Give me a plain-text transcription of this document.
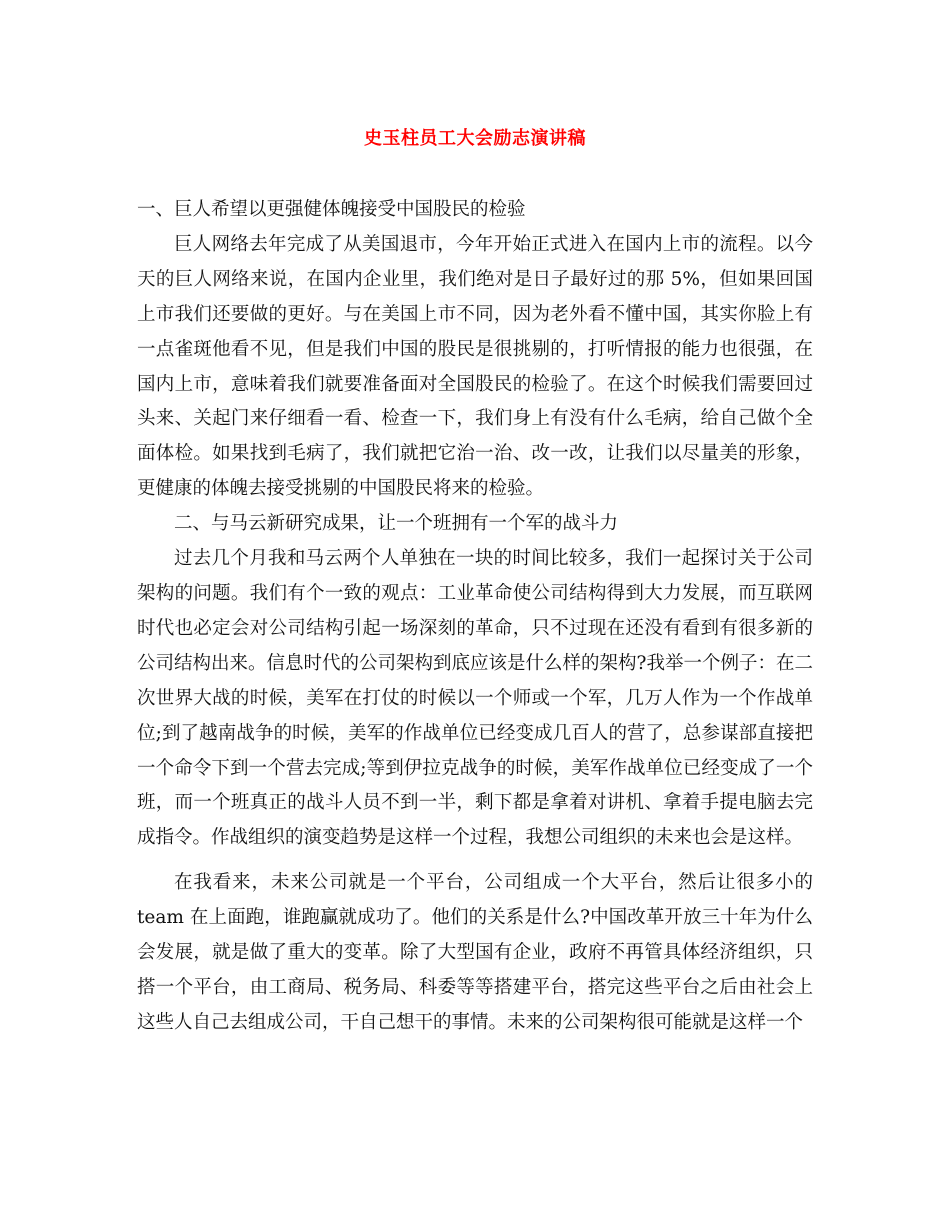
史玉柱员工大会励志演讲稿

一、巨人希望以更强健体魄接受中国股民的检验

巨人网络去年完成了从美国退市，今年开始正式进入在国内上市的流程。以今天的巨人网络来说，在国内企业里，我们绝对是日子最好过的那 5%，但如果回国上市我们还要做的更好。与在美国上市不同，因为老外看不懂中国，其实你脸上有一点雀斑他看不见，但是我们中国的股民是很挑剔的，打听情报的能力也很强，在国内上市，意味着我们就要准备面对全国股民的检验了。在这个时候我们需要回过头来、关起门来仔细看一看、检查一下，我们身上有没有什么毛病，给自己做个全面体检。如果找到毛病了，我们就把它治一治、改一改，让我们以尽量美的形象，更健康的体魄去接受挑剔的中国股民将来的检验。

二、与马云新研究成果，让一个班拥有一个军的战斗力

过去几个月我和马云两个人单独在一块的时间比较多，我们一起探讨关于公司架构的问题。我们有个一致的观点：工业革命使公司结构得到大力发展，而互联网时代也必定会对公司结构引起一场深刻的革命，只不过现在还没有看到有很多新的公司结构出来。信息时代的公司架构到底应该是什么样的架构?我举一个例子：在二次世界大战的时候，美军在打仗的时候以一个师或一个军，几万人作为一个作战单位;到了越南战争的时候，美军的作战单位已经变成几百人的营了，总参谋部直接把一个命令下到一个营去完成;等到伊拉克战争的时候，美军作战单位已经变成了一个班，而一个班真正的战斗人员不到一半，剩下都是拿着对讲机、拿着手提电脑去完成指令。作战组织的演变趋势是这样一个过程，我想公司组织的未来也会是这样。

在我看来，未来公司就是一个平台，公司组成一个大平台，然后让很多小的 team 在上面跑，谁跑赢就成功了。他们的关系是什么?中国改革开放三十年为什么会发展，就是做了重大的变革。除了大型国有企业，政府不再管具体经济组织，只搭一个平台，由工商局、税务局、科委等等搭建平台，搭完这些平台之后由社会上这些人自己去组成公司，干自己想干的事情。未来的公司架构很可能就是这样一个
